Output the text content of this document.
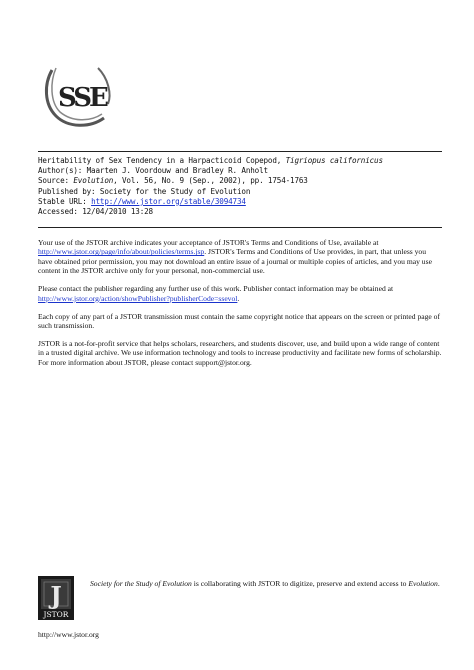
SSE
Heritability of Sex Tendency in a Harpacticoid Copepod, Tigriopus californicus
Author(s): Maarten J. Voordouw and Bradley R. Anholt
Source: Evolution, Vol. 56, No. 9 (Sep., 2002), pp. 1754-1763
Published by: Society for the Study of Evolution
Stable URL: http://www.jstor.org/stable/3094734
Accessed: 12/04/2010 13:28

Your use of the JSTOR archive indicates your acceptance of JSTOR's Terms and Conditions of Use, available at
http://www.jstor.org/page/info/about/policies/terms.jsp. JSTOR's Terms and Conditions of Use provides, in part, that unless you have obtained prior permission, you may not download an entire issue of a journal or multiple copies of articles, and you may use content in the JSTOR archive only for your personal, non-commercial use.

Please contact the publisher regarding any further use of this work. Publisher contact information may be obtained at
http://www.jstor.org/action/showPublisher?publisherCode=ssevol.

Each copy of any part of a JSTOR transmission must contain the same copyright notice that appears on the screen or printed page of such transmission.

JSTOR is a not-for-profit service that helps scholars, researchers, and students discover, use, and build upon a wide range of content in a trusted digital archive. We use information technology and tools to increase productivity and facilitate new forms of scholarship. For more information about JSTOR, please contact support@jstor.org.

J
JSTOR
Society for the Study of Evolution is collaborating with JSTOR to digitize, preserve and extend access to Evolution.
http://www.jstor.org
